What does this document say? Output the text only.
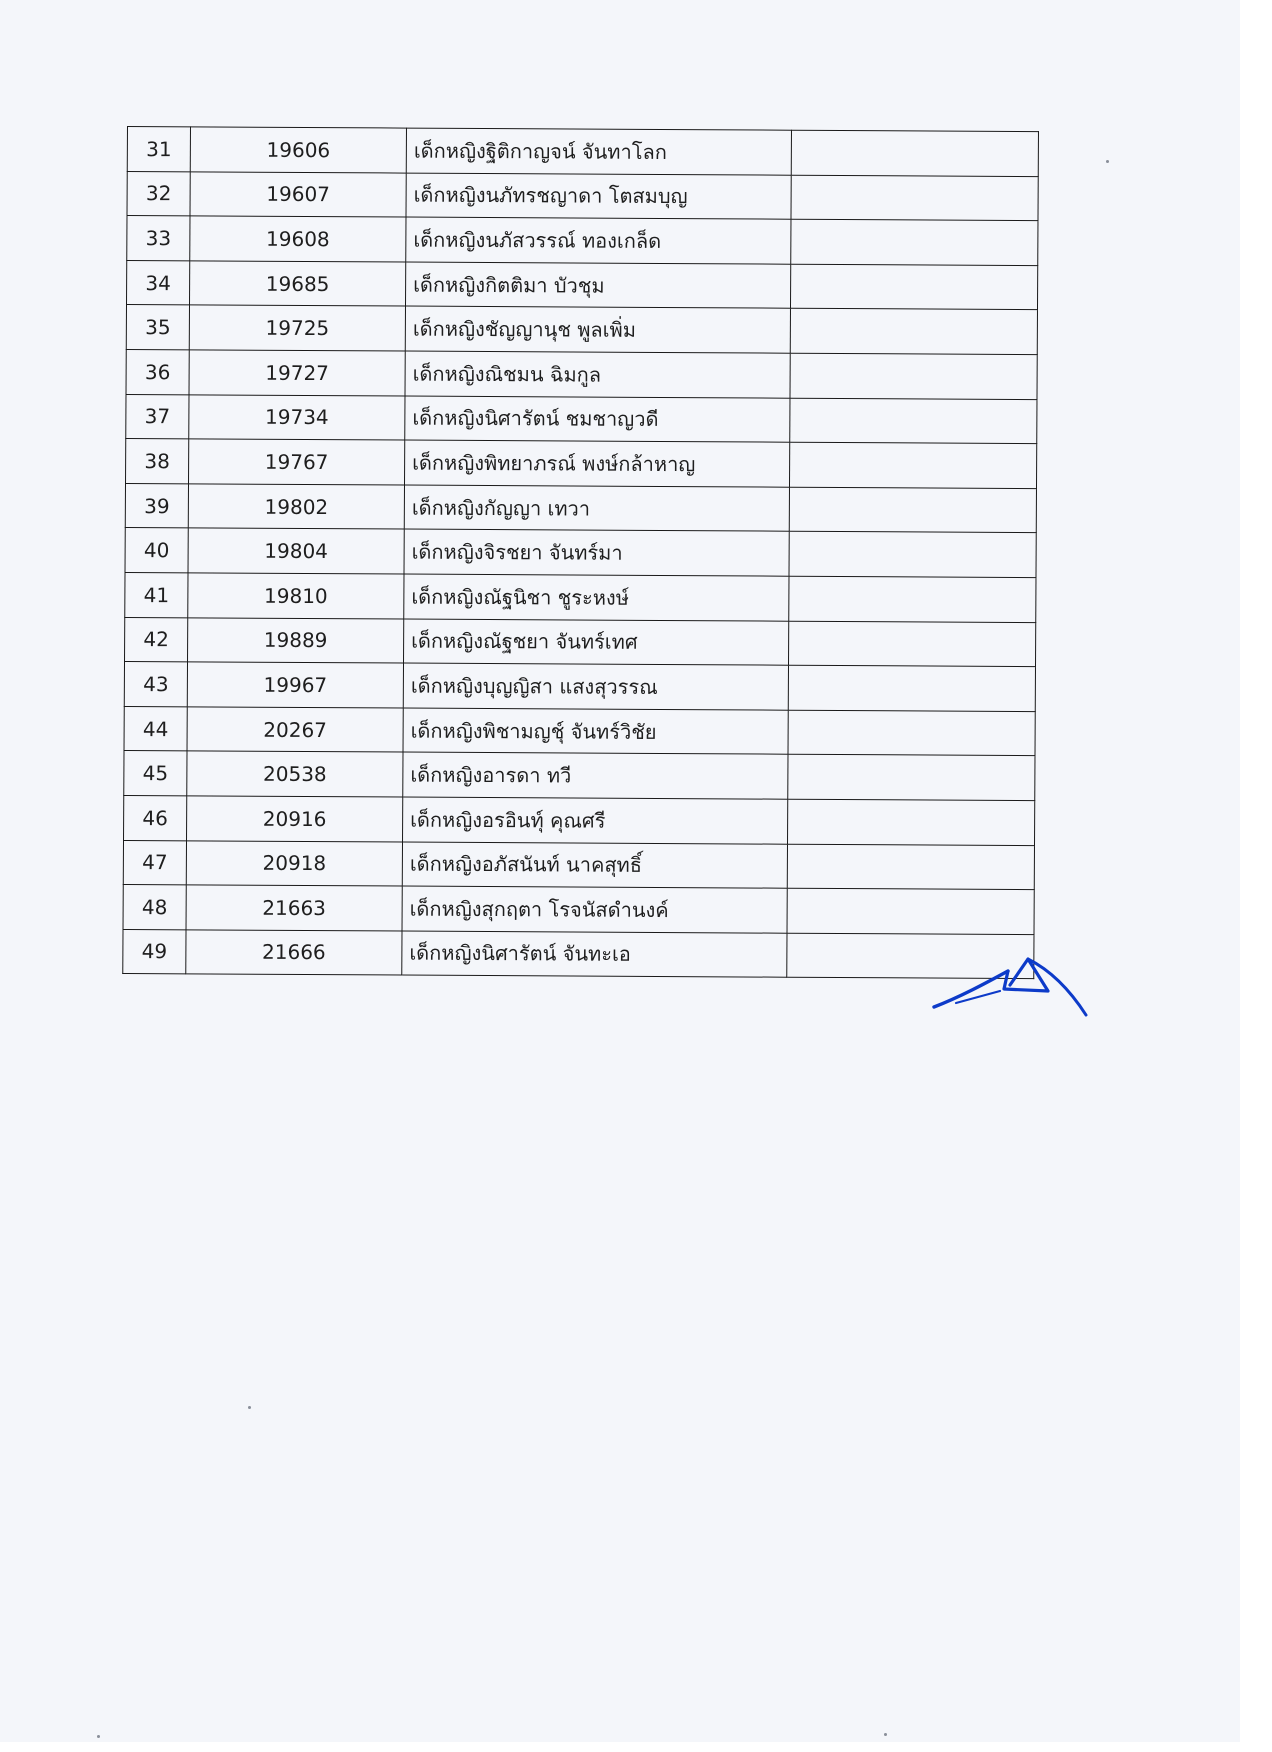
31	19606	เด็กหญิงฐิติกาญจน์ จันทาโลก	
32	19607	เด็กหญิงนภัทรชญาดา โตสมบุญ	
33	19608	เด็กหญิงนภัสวรรณ์ ทองเกล็ด	
34	19685	เด็กหญิงกิตติมา บัวชุม	
35	19725	เด็กหญิงชัญญานุช พูลเพิ่ม	
36	19727	เด็กหญิงณิชมน ฉิมกูล	
37	19734	เด็กหญิงนิศารัตน์ ชมชาญวดี	
38	19767	เด็กหญิงพิทยาภรณ์ พงษ์กล้าหาญ	
39	19802	เด็กหญิงกัญญา เทวา	
40	19804	เด็กหญิงจิรชยา จันทร์มา	
41	19810	เด็กหญิงณัฐนิชา ชูระหงษ์	
42	19889	เด็กหญิงณัฐชยา จันทร์เทศ	
43	19967	เด็กหญิงบุญญิสา แสงสุวรรณ	
44	20267	เด็กหญิงพิชามญชุ์ จันทร์วิชัย	
45	20538	เด็กหญิงอารดา ทวี	
46	20916	เด็กหญิงอรอินทุ์ คุณศรี	
47	20918	เด็กหญิงอภัสนันท์ นาคสุทธิ์	
48	21663	เด็กหญิงสุกฤตา โรจนัสดำนงค์	
49	21666	เด็กหญิงนิศารัตน์ จันทะเอ	
